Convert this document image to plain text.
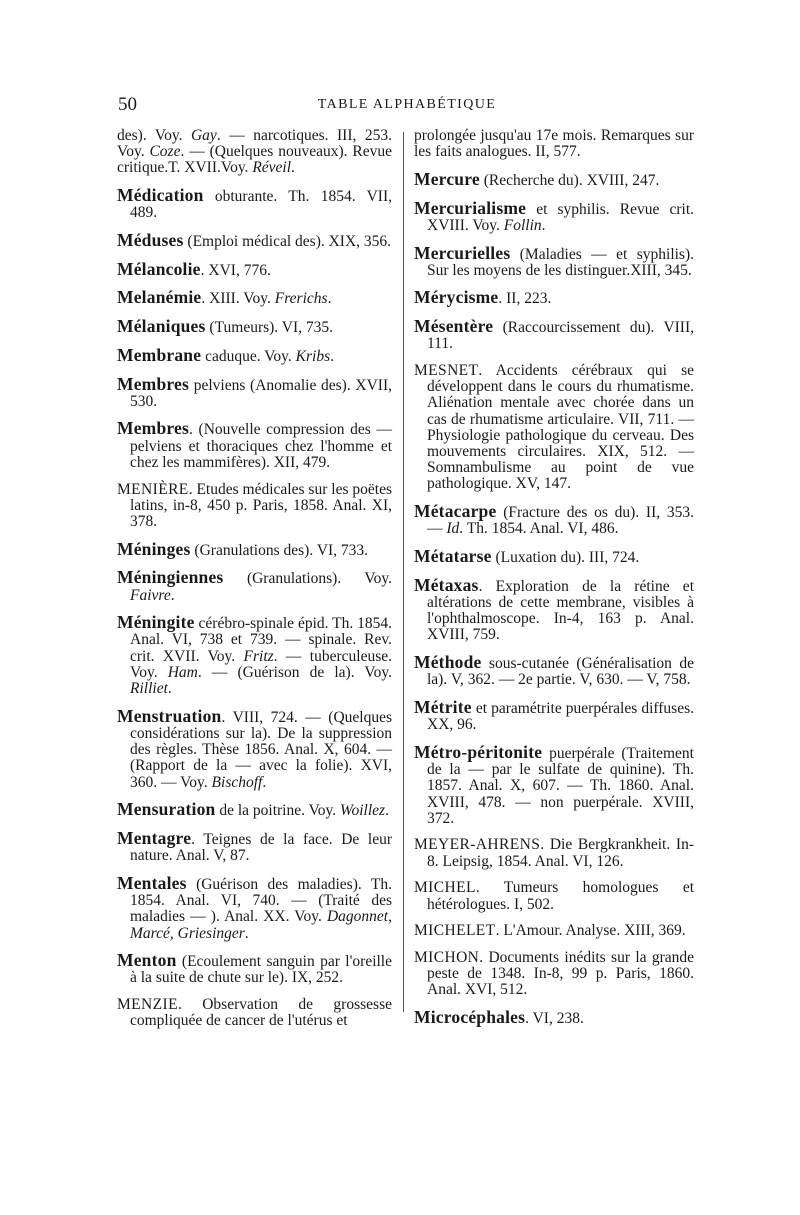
50	TABLE ALPHABÉTIQUE

des). Voy. Gay. — narcotiques. III, 253. Voy. Coze. — (Quelques nouveaux). Revue critique.T. XVII.Voy. Réveil.

Médication obturante. Th. 1854. VII, 489.

Méduses (Emploi médical des). XIX, 356.

Mélancolie. XVI, 776.

Melanémie. XIII. Voy. Frerichs.

Mélaniques (Tumeurs). VI, 735.

Membrane caduque. Voy. Kribs.

Membres pelviens (Anomalie des). XVII, 530.

Membres. (Nouvelle compression des — pelviens et thoraciques chez l'homme et chez les mammifères). XII, 479.

MENIÈRE. Etudes médicales sur les poëtes latins, in-8, 450 p. Paris, 1858. Anal. XI, 378.

Méninges (Granulations des). VI, 733.

Méningiennes (Granulations). Voy. Faivre.

Méningite cérébro-spinale épid. Th. 1854. Anal. VI, 738 et 739. — spinale. Rev. crit. XVII. Voy. Fritz. — tuberculeuse. Voy. Ham. — (Guérison de la). Voy. Rilliet.

Menstruation. VIII, 724. — (Quelques considérations sur la). De la suppression des règles. Thèse 1856. Anal. X, 604. — (Rapport de la — avec la folie). XVI, 360. — Voy. Bischoff.

Mensuration de la poitrine. Voy. Woillez.

Mentagre. Teignes de la face. De leur nature. Anal. V, 87.

Mentales (Guérison des maladies). Th. 1854. Anal. VI, 740. — (Traité des maladies — ). Anal. XX. Voy. Dagonnet, Marcé, Griesinger.

Menton (Ecoulement sanguin par l'oreille à la suite de chute sur le). IX, 252.

MENZIE. Observation de grossesse compliquée de cancer de l'utérus et

prolongée jusqu'au 17e mois. Remarques sur les faits analogues. II, 577.

Mercure (Recherche du). XVIII, 247.

Mercurialisme et syphilis. Revue crit. XVIII. Voy. Follin.

Mercurielles (Maladies — et syphilis). Sur les moyens de les distinguer.XIII, 345.

Mérycisme. II, 223.

Mésentère (Raccourcissement du). VIII, 111.

MESNET. Accidents cérébraux qui se développent dans le cours du rhumatisme. Aliénation mentale avec chorée dans un cas de rhumatisme articulaire. VII, 711. — Physiologie pathologique du cerveau. Des mouvements circulaires. XIX, 512. — Somnambulisme au point de vue pathologique. XV, 147.

Métacarpe (Fracture des os du). II, 353. — Id. Th. 1854. Anal. VI, 486.

Métatarse (Luxation du). III, 724.

Métaxas. Exploration de la rétine et altérations de cette membrane, visibles à l'ophthalmoscope. In-4, 163 p. Anal. XVIII, 759.

Méthode sous-cutanée (Généralisation de la). V, 362. — 2e partie. V, 630. — V, 758.

Métrite et paramétrite puerpérales diffuses. XX, 96.

Métro-péritonite puerpérale (Traitement de la — par le sulfate de quinine). Th. 1857. Anal. X, 607. — Th. 1860. Anal. XVIII, 478. — non puerpérale. XVIII, 372.

MEYER-AHRENS. Die Bergkrankheit. In-8. Leipsig, 1854. Anal. VI, 126.

MICHEL. Tumeurs homologues et hétérologues. I, 502.

MICHELET. L'Amour. Analyse. XIII, 369.

MICHON. Documents inédits sur la grande peste de 1348. In-8, 99 p. Paris, 1860. Anal. XVI, 512.

Microcéphales. VI, 238.
